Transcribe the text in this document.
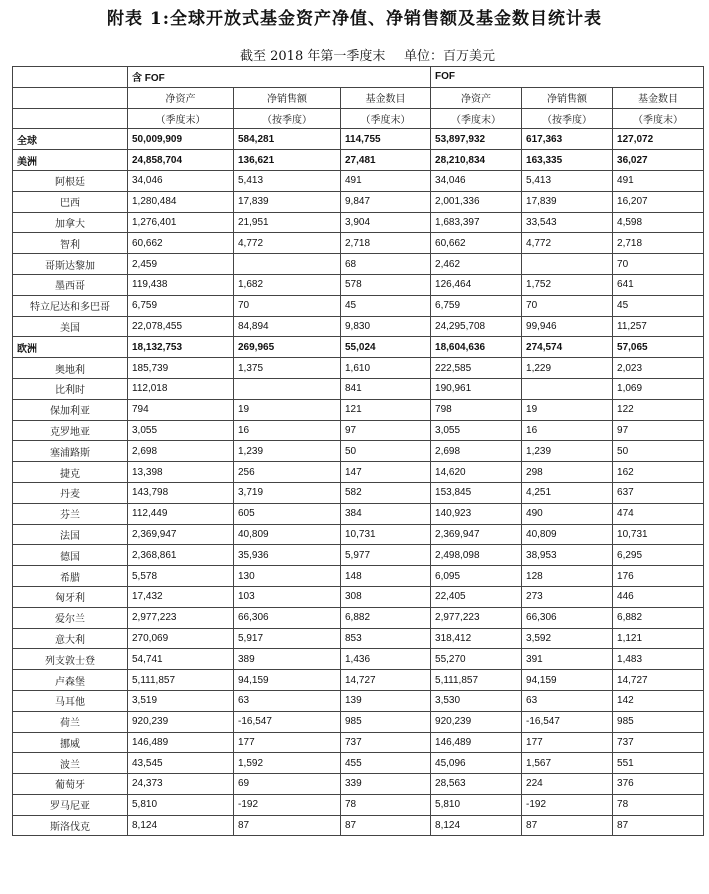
附表 1:全球开放式基金资产净值、净销售额及基金数目统计表
截至 2018 年第一季度末 单位：百万美元
	含 FOF			FOF		
	净资产	净销售额	基金数目	净资产	净销售额	基金数目
	（季度末）	（按季度）	（季度末）	（季度末）	（按季度）	（季度末）
全球	50,009,909	584,281	114,755	53,897,932	617,363	127,072
美洲	24,858,704	136,621	27,481	28,210,834	163,335	36,027
阿根廷	34,046	5,413	491	34,046	5,413	491
巴西	1,280,484	17,839	9,847	2,001,336	17,839	16,207
加拿大	1,276,401	21,951	3,904	1,683,397	33,543	4,598
智利	60,662	4,772	2,718	60,662	4,772	2,718
哥斯达黎加	2,459		68	2,462		70
墨西哥	119,438	1,682	578	126,464	1,752	641
特立尼达和多巴哥	6,759	70	45	6,759	70	45
美国	22,078,455	84,894	9,830	24,295,708	99,946	11,257
欧洲	18,132,753	269,965	55,024	18,604,636	274,574	57,065
奥地利	185,739	1,375	1,610	222,585	1,229	2,023
比利时	112,018		841	190,961		1,069
保加利亚	794	19	121	798	19	122
克罗地亚	3,055	16	97	3,055	16	97
塞浦路斯	2,698	1,239	50	2,698	1,239	50
捷克	13,398	256	147	14,620	298	162
丹麦	143,798	3,719	582	153,845	4,251	637
芬兰	112,449	605	384	140,923	490	474
法国	2,369,947	40,809	10,731	2,369,947	40,809	10,731
德国	2,368,861	35,936	5,977	2,498,098	38,953	6,295
希腊	5,578	130	148	6,095	128	176
匈牙利	17,432	103	308	22,405	273	446
爱尔兰	2,977,223	66,306	6,882	2,977,223	66,306	6,882
意大利	270,069	5,917	853	318,412	3,592	1,121
列支敦士登	54,741	389	1,436	55,270	391	1,483
卢森堡	5,111,857	94,159	14,727	5,111,857	94,159	14,727
马耳他	3,519	63	139	3,530	63	142
荷兰	920,239	-16,547	985	920,239	-16,547	985
挪威	146,489	177	737	146,489	177	737
波兰	43,545	1,592	455	45,096	1,567	551
葡萄牙	24,373	69	339	28,563	224	376
罗马尼亚	5,810	-192	78	5,810	-192	78
斯洛伐克	8,124	87	87	8,124	87	87
